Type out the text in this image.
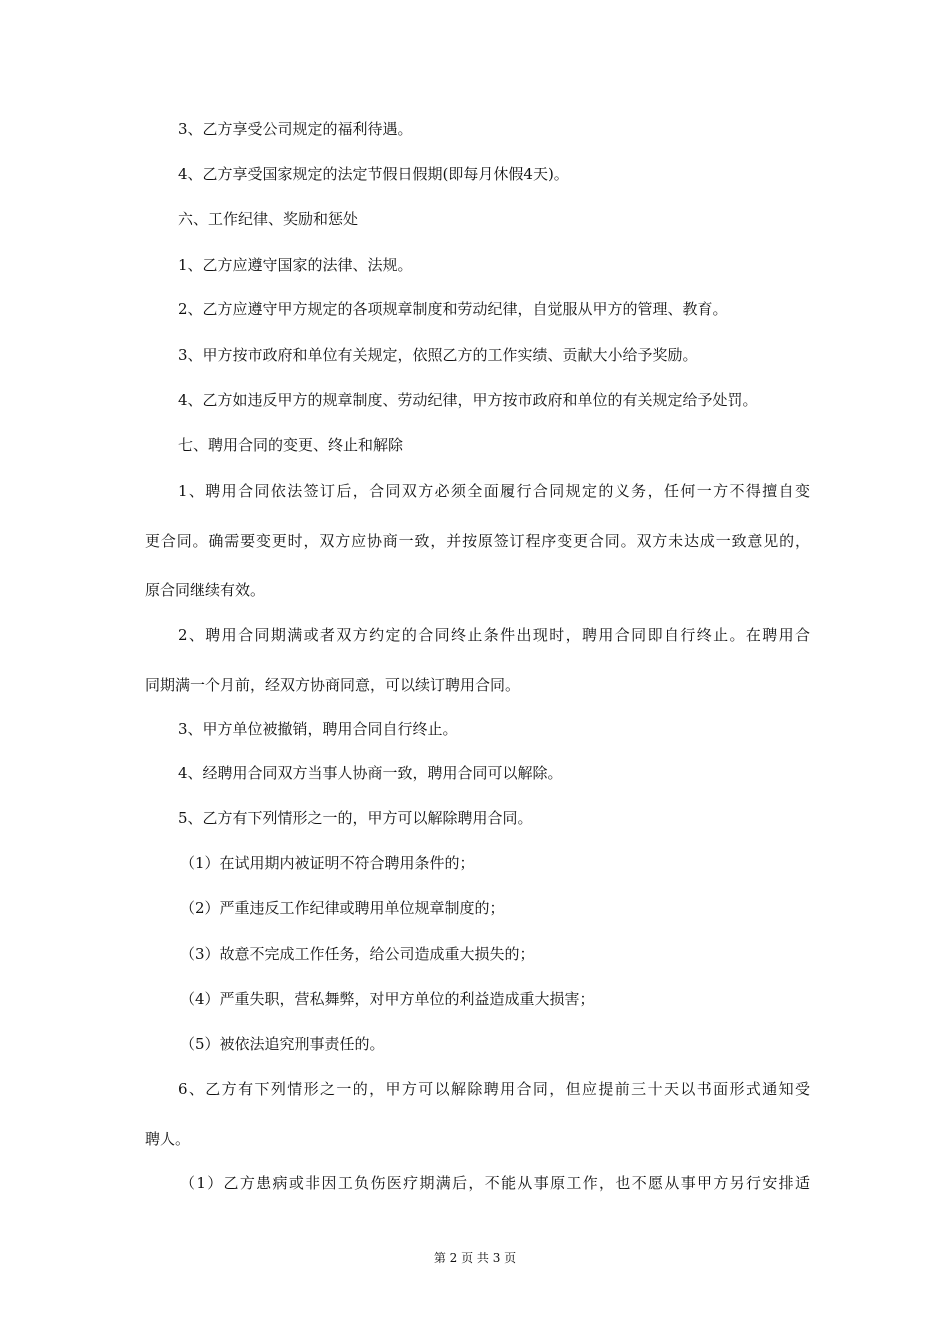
3、乙方享受公司规定的福利待遇。
4、乙方享受国家规定的法定节假日假期(即每月休假4天)。
六、工作纪律、奖励和惩处
1、乙方应遵守国家的法律、法规。
2、乙方应遵守甲方规定的各项规章制度和劳动纪律，自觉服从甲方的管理、教育。
3、甲方按市政府和单位有关规定，依照乙方的工作实绩、贡献大小给予奖励。
4、乙方如违反甲方的规章制度、劳动纪律，甲方按市政府和单位的有关规定给予处罚。
七、聘用合同的变更、终止和解除
1、聘用合同依法签订后，合同双方必须全面履行合同规定的义务，任何一方不得擅自变
更合同。确需要变更时，双方应协商一致，并按原签订程序变更合同。双方未达成一致意见的，
原合同继续有效。
2、聘用合同期满或者双方约定的合同终止条件出现时，聘用合同即自行终止。在聘用合
同期满一个月前，经双方协商同意，可以续订聘用合同。
3、甲方单位被撤销，聘用合同自行终止。
4、经聘用合同双方当事人协商一致，聘用合同可以解除。
5、乙方有下列情形之一的，甲方可以解除聘用合同。
（1）在试用期内被证明不符合聘用条件的；
（2）严重违反工作纪律或聘用单位规章制度的；
（3）故意不完成工作任务，给公司造成重大损失的；
（4）严重失职，营私舞弊，对甲方单位的利益造成重大损害；
（5）被依法追究刑事责任的。
6、乙方有下列情形之一的，甲方可以解除聘用合同，但应提前三十天以书面形式通知受
聘人。
（1）乙方患病或非因工负伤医疗期满后，不能从事原工作，也不愿从事甲方另行安排适
第 2 页 共 3 页
